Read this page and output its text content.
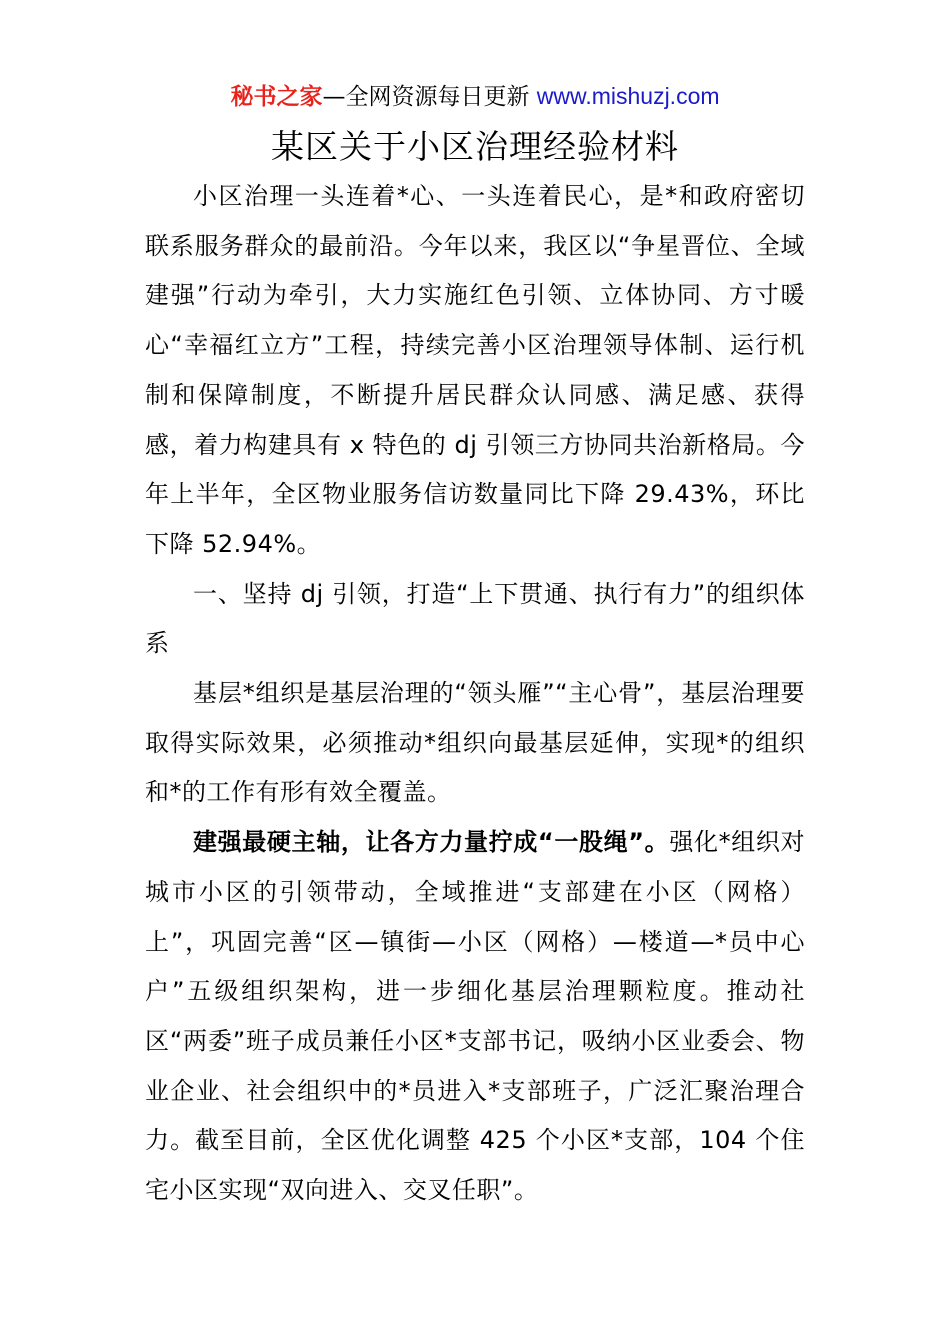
秘书之家—全网资源每日更新 www.mishuzj.com
某区关于小区治理经验材料

小区治理一头连着*心、一头连着民心，是*和政府密切联系服务群众的最前沿。今年以来，我区以“争星晋位、全域建强”行动为牵引，大力实施红色引领、立体协同、方寸暖心“幸福红立方”工程，持续完善小区治理领导体制、运行机制和保障制度，不断提升居民群众认同感、满足感、获得感，着力构建具有 x 特色的 dj 引领三方协同共治新格局。今年上半年，全区物业服务信访数量同比下降 29.43%，环比下降 52.94%。

一、坚持 dj 引领，打造“上下贯通、执行有力”的组织体系

基层*组织是基层治理的“领头雁”“主心骨”，基层治理要取得实际效果，必须推动*组织向最基层延伸，实现*的组织和*的工作有形有效全覆盖。

建强最硬主轴，让各方力量拧成“一股绳”。强化*组织对城市小区的引领带动，全域推进“支部建在小区（网格）上”，巩固完善“区—镇街—小区（网格）—楼道—*员中心户”五级组织架构，进一步细化基层治理颗粒度。推动社区“两委”班子成员兼任小区*支部书记，吸纳小区业委会、物业企业、社会组织中的*员进入*支部班子，广泛汇聚治理合力。截至目前，全区优化调整 425 个小区*支部，104 个住宅小区实现“双向进入、交叉任职”。
